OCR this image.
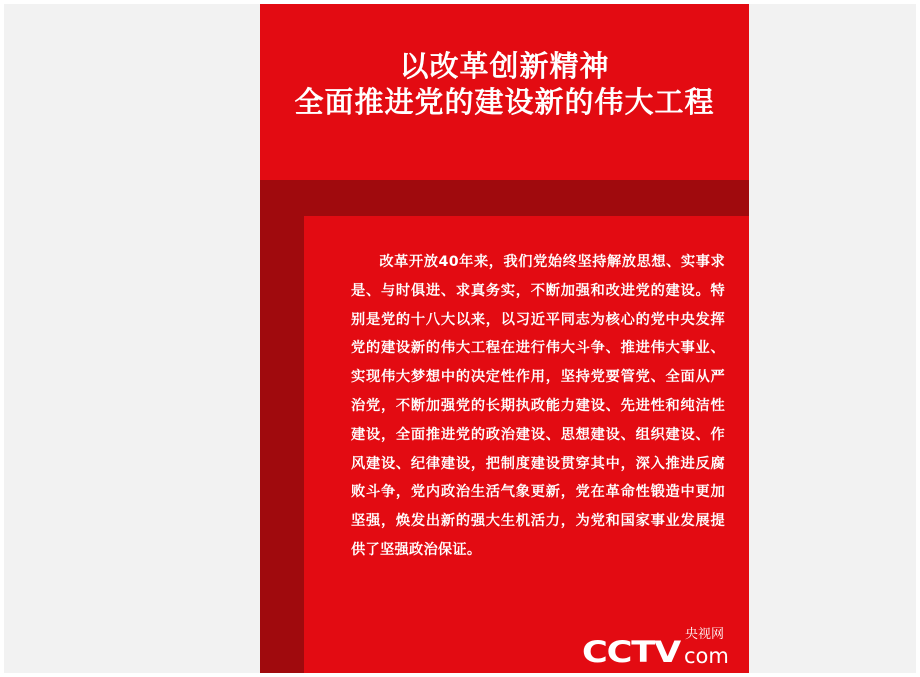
以改革创新精神
全面推进党的建设新的伟大工程

改革开放40年来，我们党始终坚持解放思想、实事求是、与时俱进、求真务实，不断加强和改进党的建设。特别是党的十八大以来，以习近平同志为核心的党中央发挥党的建设新的伟大工程在进行伟大斗争、推进伟大事业、实现伟大梦想中的决定性作用，坚持党要管党、全面从严治党，不断加强党的长期执政能力建设、先进性和纯洁性建设，全面推进党的政治建设、思想建设、组织建设、作风建设、纪律建设，把制度建设贯穿其中，深入推进反腐败斗争，党内政治生活气象更新，党在革命性锻造中更加坚强，焕发出新的强大生机活力，为党和国家事业发展提供了坚强政治保证。

央视网
CCTV com
